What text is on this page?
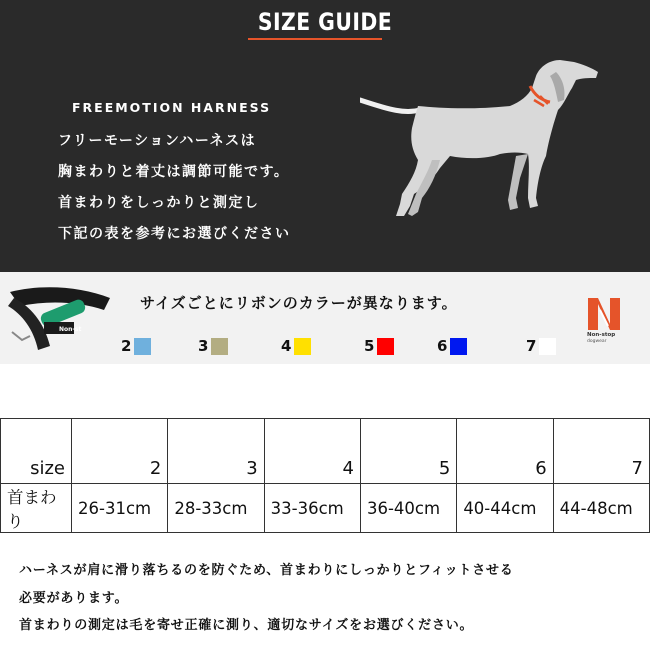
SIZE GUIDE
FREEMOTION HARNESS
フリーモーションハーネスは
胸まわりと着丈は調節可能です。
首まわりをしっかりと測定し
下記の表を参考にお選びください
Non-st
サイズごとにリボンのカラーが異なります。
Non-stop
dogwear
2	3	4	5	6	7
size	2	3	4	5	6	7
首まわり	26-31cm	28-33cm	33-36cm	36-40cm	40-44cm	44-48cm
ハーネスが肩に滑り落ちるのを防ぐため、首まわりにしっかりとフィットさせる
必要があります。
首まわりの測定は毛を寄せ正確に測り、適切なサイズをお選びください。
